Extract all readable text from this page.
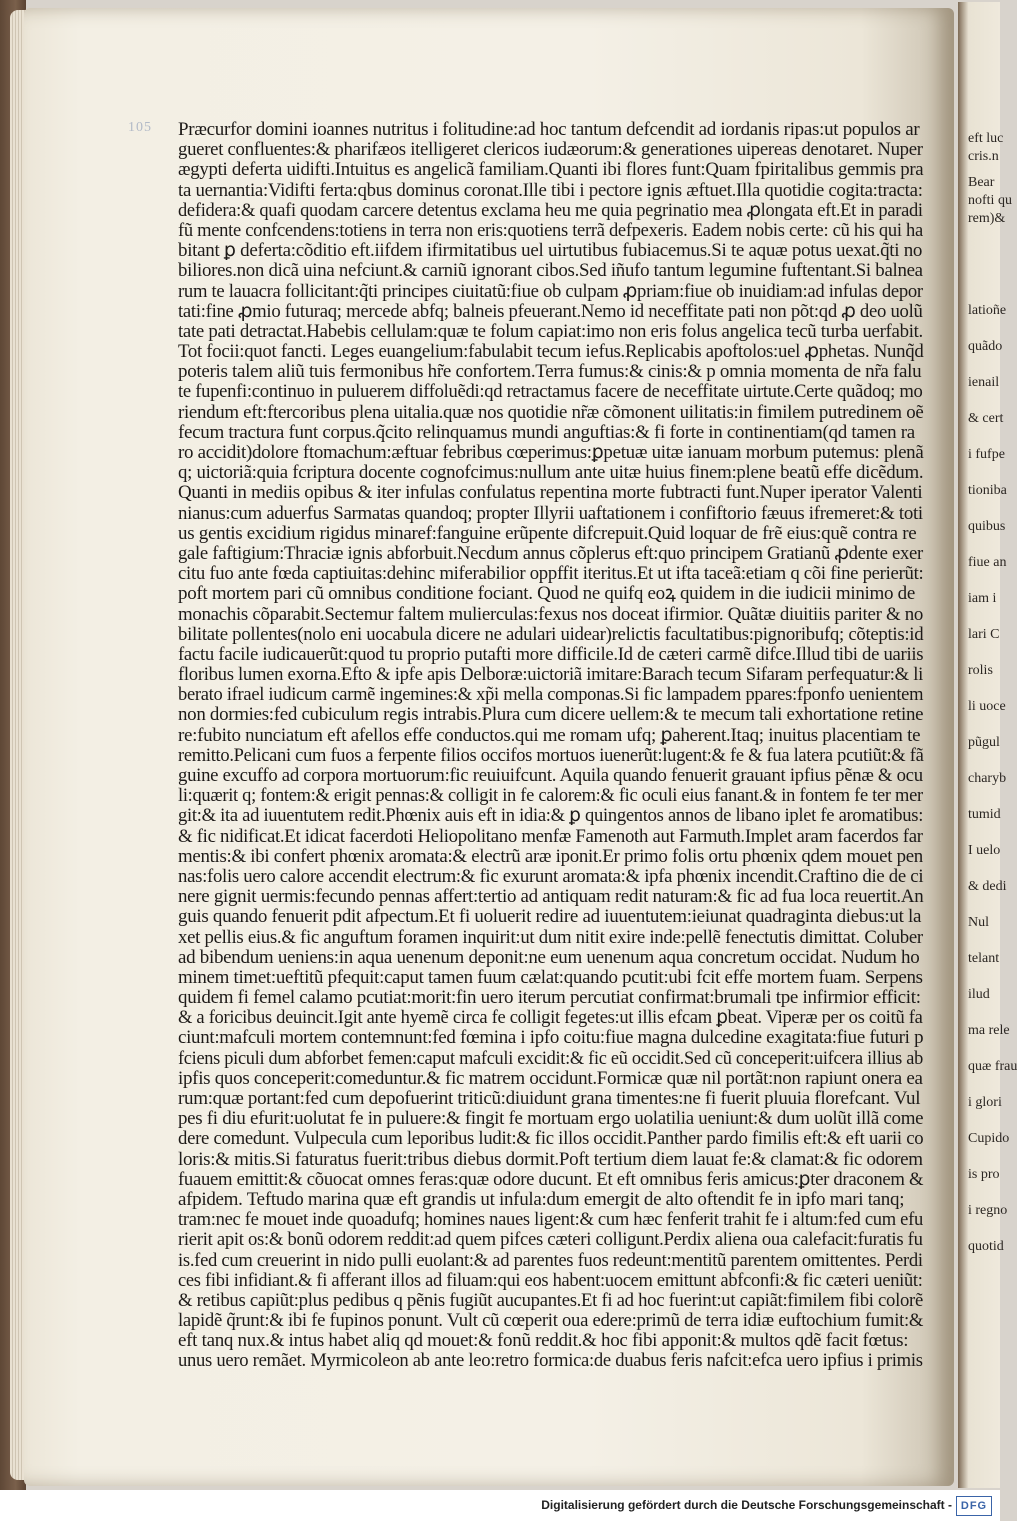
eft luc
cris.n
Bear
nofti qu
rem)&
latioñe
quãdo
ienail
& cert
i fufpe
tioniba
quibus
fiue an
iam i
lari C
rolis
li uoce
pũgul
charyb
tumid
I uelo
& dedi
Nul
telant
ilud
ma rele
quæ frau
i glori
Cupido
is pro
i regno
quotid
105 Præcurfor domini ioannes nutritus i folitudine:ad hoc tantum defcendit ad iordanis ripas:ut populos ar
gueret confluentes:& pharifæos itelligeret clericos iudæorum:& generationes uipereas denotaret. Nuper
ægypti deferta uidifti.Intuitus es angelicã familiam.Quanti ibi flores funt:Quam fpiritalibus gemmis pra
ta uernantia:Vidifti ferta:qbus dominus coronat.Ille tibi i pectore ignis æftuet.Illa quotidie cogita:tracta:
defidera:& quafi quodam carcere detentus exclama heu me quia pegrinatio mea ꝓlongata eft.Et in paradi
fũ mente confcendens:totiens in terra non eris:quotiens terrã defpexeris. Eadem nobis certe: cũ his qui ha
bitant ꝑ deferta:cõditio eft.iifdem ifirmitatibus uel uirtutibus fubiacemus.Si te aquæ potus uexat.q̃ti no
biliores.non dicã uina nefciunt.& carniũ ignorant cibos.Sed iñufo tantum legumine fuftentant.Si balnea
rum te lauacra follicitant:q̃ti principes ciuitatũ:fiue ob culpam ꝓpriam:fiue ob inuidiam:ad infulas depor
tati:fine ꝓmio futuraq; mercede abfq; balneis pfeuerant.Nemo id neceffitate pati non põt:qd ꝓ deo uolũ
tate pati detractat.Habebis cellulam:quæ te folum capiat:imo non eris folus angelica tecũ turba uerfabit.
Tot focii:quot fancti. Leges euangelium:fabulabit tecum iefus.Replicabis apoftolos:uel ꝓphetas. Nunq̃d
poteris talem aliũ tuis fermonibus hr̃e confortem.Terra fumus:& cinis:& p omnia momenta de nr̃a falu
te fupenfi:continuo in puluerem diffoluẽdi:qd retractamus facere de neceffitate uirtute.Certe quãdoq; mo
riendum eft:ftercoribus plena uitalia.quæ nos quotidie nr̃æ cõmonent uilitatis:in fimilem putredinem oẽ
fecum tractura funt corpus.q̃cito relinquamus mundi anguftias:& fi forte in continentiam(qd tamen ra
ro accidit)dolore ftomachum:æftuar febribus cœperimus:ꝑpetuæ uitæ ianuam morbum putemus: plenã
q; uictoriã:quia fcriptura docente cognofcimus:nullum ante uitæ huius finem:plene beatũ effe dicẽdum.
Quanti in mediis opibus & iter infulas confulatus repentina morte fubtracti funt.Nuper iperator Valenti
nianus:cum aduerfus Sarmatas quandoq; propter Illyrii uaftationem i confiftorio fæuus ifremeret:& toti
us gentis excidium rigidus minaref:fanguine erũpente difcrepuit.Quid loquar de frẽ eius:quẽ contra re
gale faftigium:Thraciæ ignis abforbuit.Necdum annus cõplerus eft:quo principem Gratianũ ꝓdente exer
citu fuo ante fœda captiuitas:dehinc miferabilior oppffit iteritus.Et ut ifta taceã:etiam q cõi fine perierũt:
poft mortem pari cũ omnibus conditione fociant. Quod ne quifq eoꝝ quidem in die iudicii minimo de
monachis cõparabit.Sectemur faltem mulierculas:fexus nos doceat ifirmior. Quãtæ diuitiis pariter & no
bilitate pollentes(nolo eni uocabula dicere ne adulari uidear)relictis facultatibus:pignoribufq; cõteptis:id
factu facile iudicauerũt:quod tu proprio putafti more difficile.Id de cæteri carmẽ difce.Illud tibi de uariis
floribus lumen exorna.Efto & ipfe apis Delboræ:uictoriã imitare:Barach tecum Sifaram perfequatur:& li
berato ifrael iudicum carmẽ ingemines:& xp̃i mella componas.Si fic lampadem ppares:fponfo uenientem
non dormies:fed cubiculum regis intrabis.Plura cum dicere uellem:& te mecum tali exhortatione retine
re:fubito nunciatum eft afellos effe conductos.qui me romam ufq; ꝑaherent.Itaq; inuitus placentiam te
remitto.Pelicani cum fuos a ferpente filios occifos mortuos iuenerũt:lugent:& fe & fua latera pcutiũt:& fã
guine excuffo ad corpora mortuorum:fic reuiuifcunt. Aquila quando fenuerit grauant ipfius pẽnæ & ocu
li:quærit q; fontem:& erigit pennas:& colligit in fe calorem:& fic oculi eius fanant.& in fontem fe ter mer
git:& ita ad iuuentutem redit.Phœnix auis eft in idia:& ꝑ quingentos annos de libano iplet fe aromatibus:
& fic nidificat.Et idicat facerdoti Heliopolitano menfæ Famenoth aut Farmuth.Implet aram facerdos far
mentis:& ibi confert phœnix aromata:& electrũ aræ iponit.Er primo folis ortu phœnix qdem mouet pen
nas:folis uero calore accendit electrum:& fic exurunt aromata:& ipfa phœnix incendit.Craftino die de ci
nere gignit uermis:fecundo pennas affert:tertio ad antiquam redit naturam:& fic ad fua loca reuertit.An
guis quando fenuerit pdit afpectum.Et fi uoluerit redire ad iuuentutem:ieiunat quadraginta diebus:ut la
xet pellis eius.& fic anguftum foramen inquirit:ut dum nitit exire inde:pellẽ fenectutis dimittat. Coluber
ad bibendum ueniens:in aqua uenenum deponit:ne eum uenenum aqua concretum occidat. Nudum ho
minem timet:ueftitũ pfequit:caput tamen fuum cælat:quando pcutit:ubi fcit effe mortem fuam. Serpens
quidem fi femel calamo pcutiat:morit:fin uero iterum percutiat confirmat:brumali tpe infirmior efficit:
& a foricibus deuincit.Igit ante hyemẽ circa fe colligit fegetes:ut illis efcam ꝑbeat. Viperæ per os coitũ fa
ciunt:mafculi mortem contemnunt:fed fœmina i ipfo coitu:fiue magna dulcedine exagitata:fiue futuri p
fciens piculi dum abforbet femen:caput mafculi excidit:& fic eũ occidit.Sed cũ conceperit:uifcera illius ab
ipfis quos conceperit:comeduntur.& fic matrem occidunt.Formicæ quæ nil portãt:non rapiunt onera ea
rum:quæ portant:fed cum depofuerint triticũ:diuidunt grana timentes:ne fi fuerit pluuia florefcant. Vul
pes fi diu efurit:uolutat fe in puluere:& fingit fe mortuam ergo uolatilia ueniunt:& dum uolũt illã come
dere comedunt. Vulpecula cum leporibus ludit:& fic illos occidit.Panther pardo fimilis eft:& eft uarii co
loris:& mitis.Si faturatus fuerit:tribus diebus dormit.Poft tertium diem lauat fe:& clamat:& fic odorem
fuauem emittit:& cõuocat omnes feras:quæ odore ducunt. Et eft omnibus feris amicus:ꝑter draconem &
afpidem. Teftudo marina quæ eft grandis ut infula:dum emergit de alto oftendit fe in ipfo mari tanq;
tram:nec fe mouet inde quoadufq; homines naues ligent:& cum hæc fenferit trahit fe i altum:fed cum efu
rierit apit os:& bonũ odorem reddit:ad quem pifces cæteri colligunt.Perdix aliena oua calefacit:furatis fu
is.fed cum creuerint in nido pulli euolant:& ad parentes fuos redeunt:mentitũ parentem omittentes. Perdi
ces fibi infidiant.& fi afferant illos ad filuam:qui eos habent:uocem emittunt abfconfi:& fic cæteri ueniũt:
& retibus capiũt:plus pedibus q pẽnis fugiũt aucupantes.Et fi ad hoc fuerint:ut capiãt:fimilem fibi colorẽ
lapidẽ q̃runt:& ibi fe fupinos ponunt. Vult cũ cœperit oua edere:primũ de terra idiæ euftochium fumit:&
eft tanq nux.& intus habet aliq qd mouet:& fonũ reddit.& hoc fibi apponit:& multos qdẽ facit fœtus:
unus uero remãet. Myrmicoleon ab ante leo:retro formica:de duabus feris nafcit:efca uero ipfius i primis
Digitalisierung gefördert durch die Deutsche Forschungsgemeinschaft - DFG
